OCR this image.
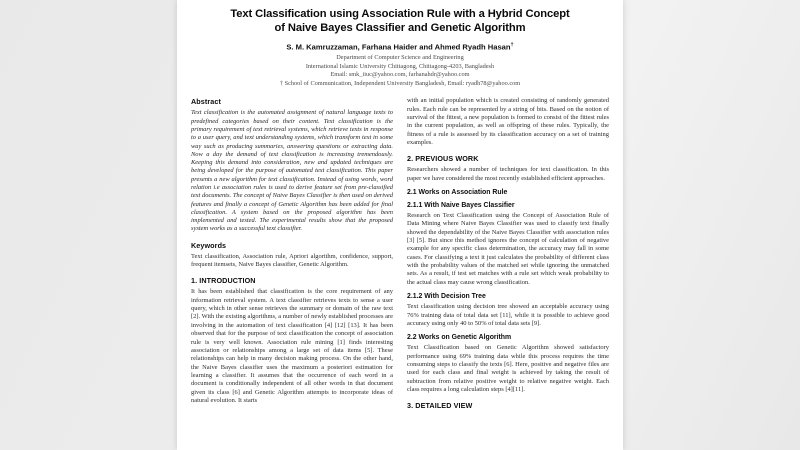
Text Classification using Association Rule with a Hybrid Concept
of Naive Bayes Classifier and Genetic Algorithm
S. M. Kamruzzaman, Farhana Haider and Ahmed Ryadh Hasan†
Department of Computer Science and Engineering
International Islamic University Chittagong, Chittagong-4203, Bangladesh
Email: smk_iiuc@yahoo.com, farhanahdr@yahoo.com
† School of Communication, Independent University Bangladesh, Email: ryadh78@yahoo.com
Abstract

Text classification is the automated assignment of natural language texts to predefined categories based on their content. Text classification is the primary requirement of text retrieval systems, which retrieve texts in response to a user query, and text understanding systems, which transform text in some way such as producing summaries, answering questions or extracting data. Now a day the demand of text classification is increasing tremendously. Keeping this demand into consideration, new and updated techniques are being developed for the purpose of automated text classification. This paper presents a new algorithm for text classification. Instead of using words, word relation i.e association rules is used to derive feature set from pre-classified text documents. The concept of Naive Bayes Classifier is then used on derived features and finally a concept of Genetic Algorithm has been added for final classification. A system based on the proposed algorithm has been implemented and tested. The experimental results show that the proposed system works as a successful text classifier.

Keywords

Text classification, Association rule, Apriori algorithm, confidence, support, frequent itemsets, Naive Bayes classifier, Genetic Algorithm.

1. INTRODUCTION

It has been established that classification is the core requirement of any information retrieval system. A text classifier retrieves texts to sense a user query, which in other sense retrieves the summary or domain of the raw text [2]. With the existing algorithms, a number of newly established processes are involving in the automation of text classification [4] [12] [13]. It has been observed that for the purpose of text classification the concept of association rule is very well known. Association rule mining [1] finds interesting association or relationships among a large set of data items [5]. These relationships can help in many decision making process. On the other hand, the Naive Bayes classifier uses the maximum a posteriori estimation for learning a classifier. It assumes that the occurrence of each word in a document is conditionally independent of all other words in that document given its class [6] and Genetic Algorithm attempts to incorporate ideas of natural evolution. It starts

with an initial population which is created consisting of randomly generated rules. Each rule can be represented by a string of bits. Based on the notion of survival of the fittest, a new population is formed to consist of the fittest rules in the current population, as well as offspring of these rules. Typically, the fitness of a rule is assessed by its classification accuracy on a set of training examples.

2. PREVIOUS WORK

Researchers showed a number of techniques for text classification. In this paper we have considered the most recently established efficient approaches.

2.1 Works on Association Rule
2.1.1 With Naive Bayes Classifier

Research on Text Classification using the Concept of Association Rule of Data Mining where Naive Bayes Classifier was used to classify text finally showed the dependability of the Naive Bayes Classifier with association rules [3] [5]. But since this method ignores the concept of calculation of negative example for any specific class determination, the accuracy may fall in some cases. For classifying a text it just calculates the probability of different class with the probability values of the matched set while ignoring the unmatched sets. As a result, if test set matches with a rule set which weak probability to the actual class may cause wrong classification.

2.1.2 With Decision Tree

Text classification using decision tree showed an acceptable accuracy using 76% training data of total data set [11], while it is possible to achieve good accuracy using only 40 to 50% of total data sets [9].

2.2 Works on Genetic Algorithm

Text Classification based on Genetic Algorithm showed satisfactory performance using 69% training data while this process requires the time consuming steps to classify the texts [6]. Here, positive and negative files are used for each class and final weight is achieved by taking the result of subtraction from relative positive weight to relative negative weight. Each class requires a long calculation steps [4][11].

3. DETAILED VIEW
